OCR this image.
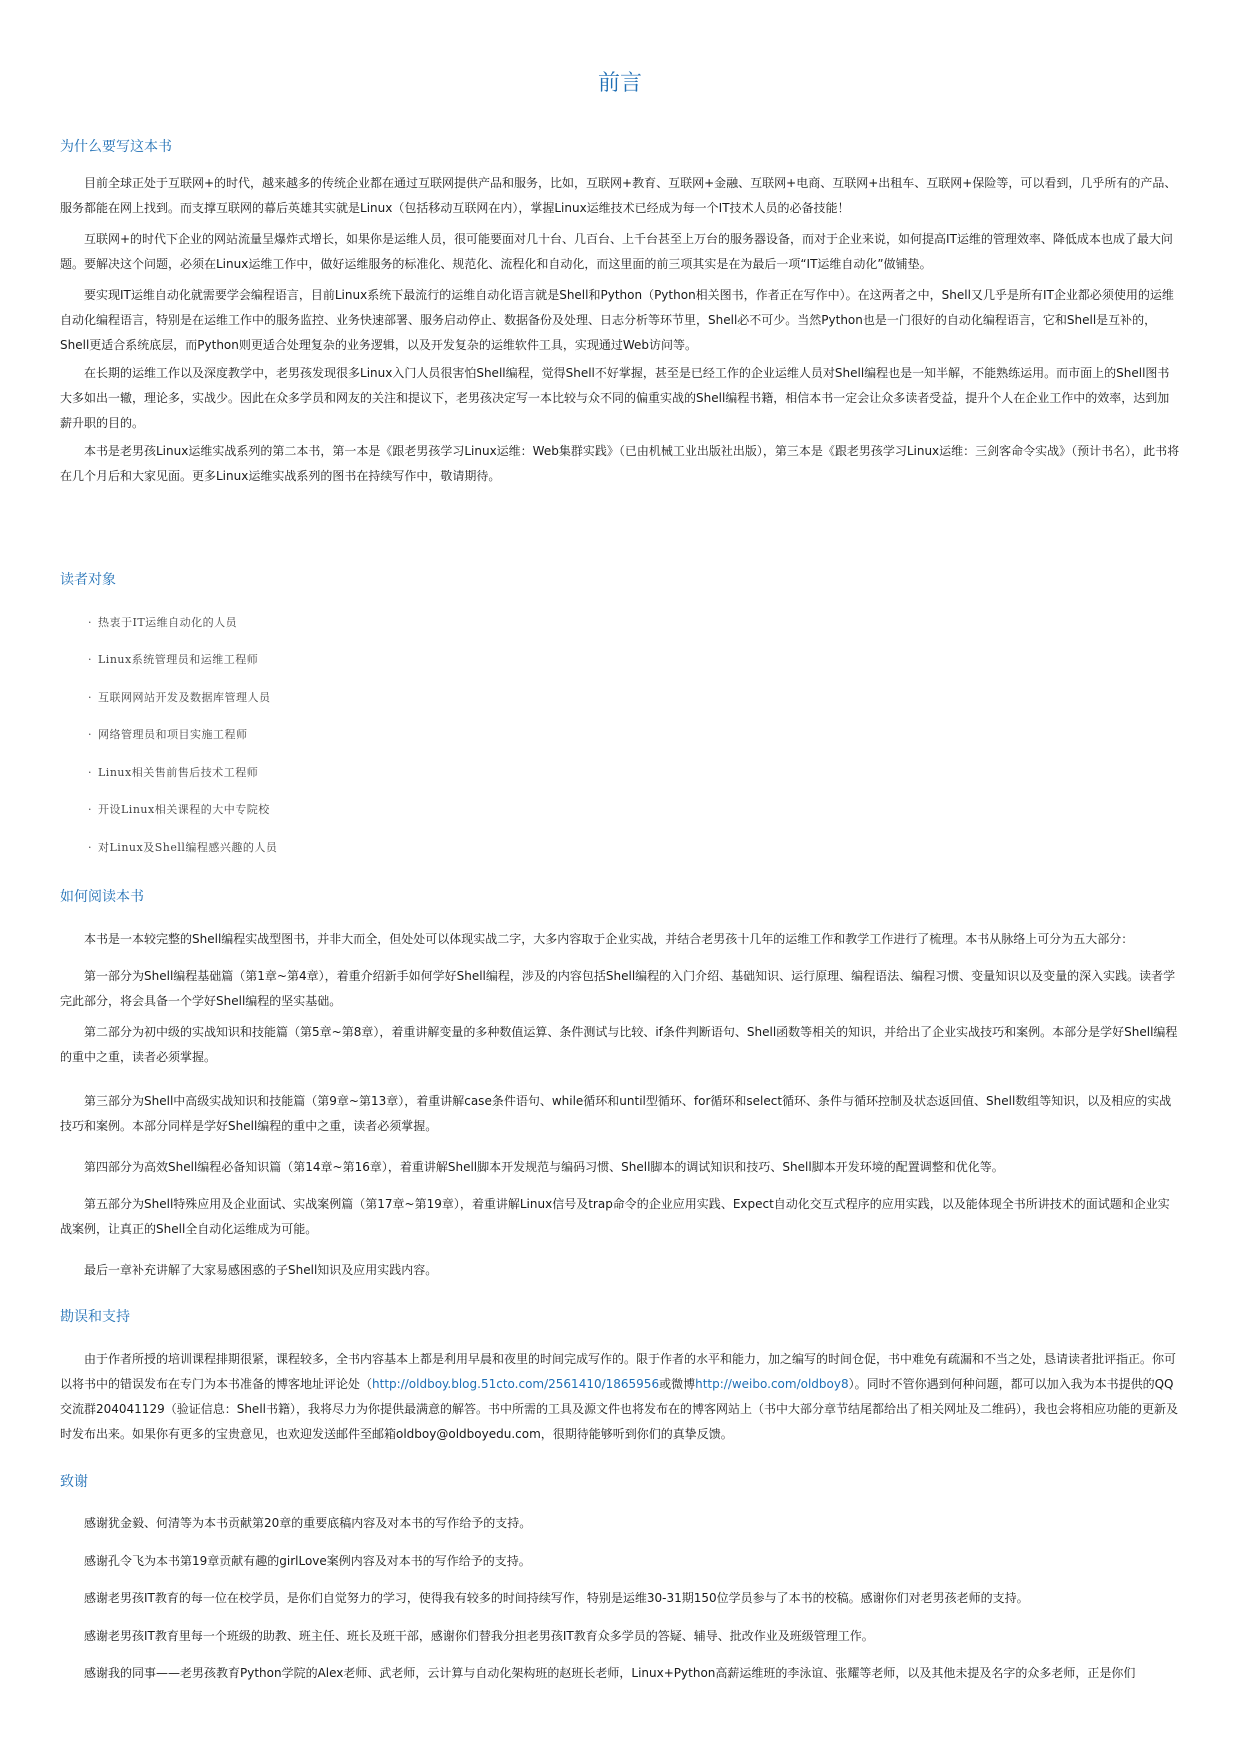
前言
为什么要写这本书

目前全球正处于互联网+的时代，越来越多的传统企业都在通过互联网提供产品和服务，比如，互联网+教育、互联网+金融、互联网+电商、互联网+出租车、互联网+保险等，可以看到，几乎所有的产品、服务都能在网上找到。而支撑互联网的幕后英雄其实就是Linux（包括移动互联网在内），掌握Linux运维技术已经成为每一个IT技术人员的必备技能！

互联网+的时代下企业的网站流量呈爆炸式增长，如果你是运维人员，很可能要面对几十台、几百台、上千台甚至上万台的服务器设备，而对于企业来说，如何提高IT运维的管理效率、降低成本也成了最大问题。要解决这个问题，必须在Linux运维工作中，做好运维服务的标准化、规范化、流程化和自动化，而这里面的前三项其实是在为最后一项“IT运维自动化”做铺垫。

要实现IT运维自动化就需要学会编程语言，目前Linux系统下最流行的运维自动化语言就是Shell和Python（Python相关图书，作者正在写作中）。在这两者之中，Shell又几乎是所有IT企业都必须使用的运维自动化编程语言，特别是在运维工作中的服务监控、业务快速部署、服务启动停止、数据备份及处理、日志分析等环节里，Shell必不可少。当然Python也是一门很好的自动化编程语言，它和Shell是互补的，Shell更适合系统底层，而Python则更适合处理复杂的业务逻辑，以及开发复杂的运维软件工具，实现通过Web访问等。

在长期的运维工作以及深度教学中，老男孩发现很多Linux入门人员很害怕Shell编程，觉得Shell不好掌握，甚至是已经工作的企业运维人员对Shell编程也是一知半解，不能熟练运用。而市面上的Shell图书大多如出一辙，理论多，实战少。因此在众多学员和网友的关注和提议下，老男孩决定写一本比较与众不同的偏重实战的Shell编程书籍，相信本书一定会让众多读者受益，提升个人在企业工作中的效率，达到加薪升职的目的。

本书是老男孩Linux运维实战系列的第二本书，第一本是《跟老男孩学习Linux运维：Web集群实践》（已由机械工业出版社出版），第三本是《跟老男孩学习Linux运维：三剑客命令实战》（预计书名），此书将在几个月后和大家见面。更多Linux运维实战系列的图书在持续写作中，敬请期待。

读者对象
· 热衷于IT运维自动化的人员
· Linux系统管理员和运维工程师
· 互联网网站开发及数据库管理人员
· 网络管理员和项目实施工程师
· Linux相关售前售后技术工程师
· 开设Linux相关课程的大中专院校
· 对Linux及Shell编程感兴趣的人员
如何阅读本书

本书是一本较完整的Shell编程实战型图书，并非大而全，但处处可以体现实战二字，大多内容取于企业实战，并结合老男孩十几年的运维工作和教学工作进行了梳理。本书从脉络上可分为五大部分：

第一部分为Shell编程基础篇（第1章~第4章），着重介绍新手如何学好Shell编程，涉及的内容包括Shell编程的入门介绍、基础知识、运行原理、编程语法、编程习惯、变量知识以及变量的深入实践。读者学完此部分，将会具备一个学好Shell编程的坚实基础。

第二部分为初中级的实战知识和技能篇（第5章~第8章），着重讲解变量的多种数值运算、条件测试与比较、if条件判断语句、Shell函数等相关的知识，并给出了企业实战技巧和案例。本部分是学好Shell编程的重中之重，读者必须掌握。

第三部分为Shell中高级实战知识和技能篇（第9章~第13章），着重讲解case条件语句、while循环和until型循环、for循环和select循环、条件与循环控制及状态返回值、Shell数组等知识，以及相应的实战技巧和案例。本部分同样是学好Shell编程的重中之重，读者必须掌握。

第四部分为高效Shell编程必备知识篇（第14章~第16章），着重讲解Shell脚本开发规范与编码习惯、Shell脚本的调试知识和技巧、Shell脚本开发环境的配置调整和优化等。

第五部分为Shell特殊应用及企业面试、实战案例篇（第17章~第19章），着重讲解Linux信号及trap命令的企业应用实践、Expect自动化交互式程序的应用实践，以及能体现全书所讲技术的面试题和企业实战案例，让真正的Shell全自动化运维成为可能。

最后一章补充讲解了大家易感困惑的子Shell知识及应用实践内容。

勘误和支持

由于作者所授的培训课程排期很紧，课程较多，全书内容基本上都是利用早晨和夜里的时间完成写作的。限于作者的水平和能力，加之编写的时间仓促，书中难免有疏漏和不当之处，恳请读者批评指正。你可以将书中的错误发布在专门为本书准备的博客地址评论处（http://oldboy.blog.51cto.com/2561410/1865956或微博http://weibo.com/oldboy8）。同时不管你遇到何种问题，都可以加入我为本书提供的QQ交流群204041129（验证信息：Shell书籍），我将尽力为你提供最满意的解答。书中所需的工具及源文件也将发布在的博客网站上（书中大部分章节结尾都给出了相关网址及二维码），我也会将相应功能的更新及时发布出来。如果你有更多的宝贵意见，也欢迎发送邮件至邮箱oldboy@oldboyedu.com，很期待能够听到你们的真挚反馈。

致谢

感谢犹金毅、何清等为本书贡献第20章的重要底稿内容及对本书的写作给予的支持。

感谢孔令飞为本书第19章贡献有趣的girlLove案例内容及对本书的写作给予的支持。

感谢老男孩IT教育的每一位在校学员，是你们自觉努力的学习，使得我有较多的时间持续写作，特别是运维30-31期150位学员参与了本书的校稿。感谢你们对老男孩老师的支持。

感谢老男孩IT教育里每一个班级的助教、班主任、班长及班干部，感谢你们替我分担老男孩IT教育众多学员的答疑、辅导、批改作业及班级管理工作。

感谢我的同事——老男孩教育Python学院的Alex老师、武老师，云计算与自动化架构班的赵班长老师，Linux+Python高薪运维班的李泳谊、张耀等老师，以及其他未提及名字的众多老师，正是你们
